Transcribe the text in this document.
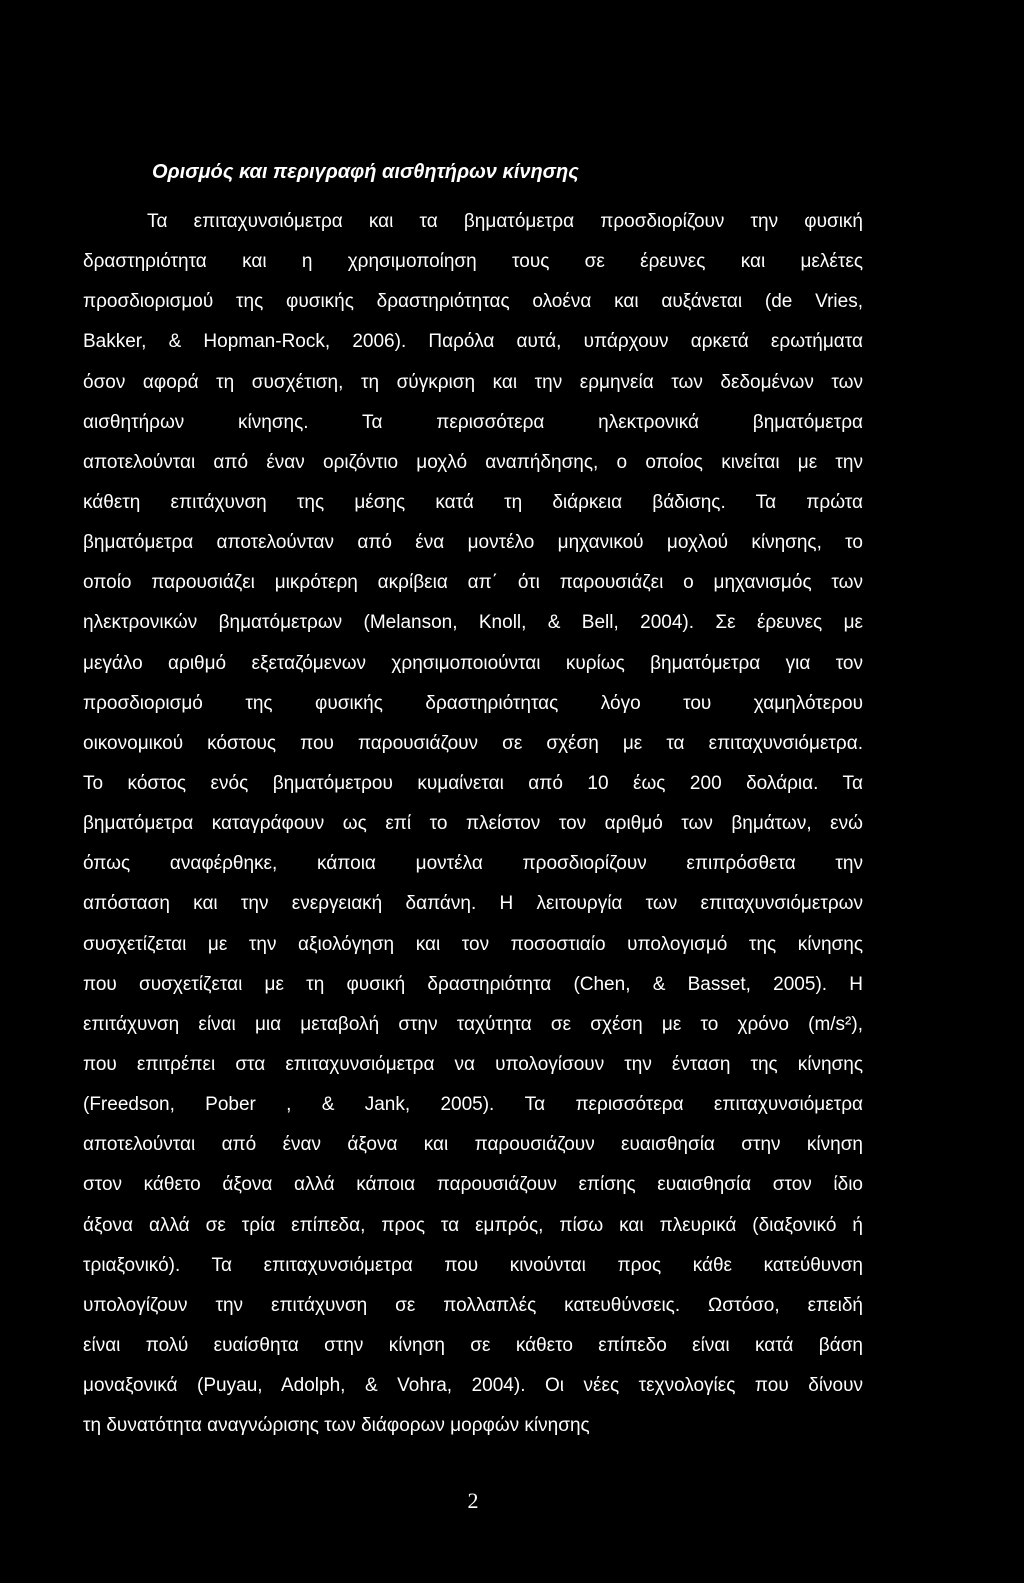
Ορισμός και περιγραφή αισθητήρων κίνησης
Τα επιταχυνσιόμετρα και τα βηματόμετρα προσδιορίζουν την φυσική
δραστηριότητα και η χρησιμοποίηση τους σε έρευνες και μελέτες
προσδιορισμού της φυσικής δραστηριότητας ολοένα και αυξάνεται (de Vries,
Bakker, & Hopman-Rock, 2006). Παρόλα αυτά, υπάρχουν αρκετά ερωτήματα
όσον αφορά τη συσχέτιση, τη σύγκριση και την ερμηνεία των δεδομένων των
αισθητήρων κίνησης. Τα περισσότερα ηλεκτρονικά βηματόμετρα
αποτελούνται από έναν οριζόντιο μοχλό αναπήδησης, ο οποίος κινείται με την
κάθετη επιτάχυνση της μέσης κατά τη διάρκεια βάδισης. Τα πρώτα
βηματόμετρα αποτελούνταν από ένα μοντέλο μηχανικού μοχλού κίνησης, το
οποίο παρουσιάζει μικρότερη ακρίβεια απ΄ ότι παρουσιάζει ο μηχανισμός των
ηλεκτρονικών βηματόμετρων (Melanson, Knoll, & Bell, 2004). Σε έρευνες με
μεγάλο αριθμό εξεταζόμενων χρησιμοποιούνται κυρίως βηματόμετρα για τον
προσδιορισμό της φυσικής δραστηριότητας λόγο του χαμηλότερου
οικονομικού κόστους που παρουσιάζουν σε σχέση με τα επιταχυνσιόμετρα.
Το κόστος ενός βηματόμετρου κυμαίνεται από 10 έως 200 δολάρια. Τα
βηματόμετρα καταγράφουν ως επί το πλείστον τον αριθμό των βημάτων, ενώ
όπως αναφέρθηκε, κάποια μοντέλα προσδιορίζουν επιπρόσθετα την
απόσταση και την ενεργειακή δαπάνη. Η λειτουργία των επιταχυνσιόμετρων
συσχετίζεται με την αξιολόγηση και τον ποσοστιαίο υπολογισμό της κίνησης
που συσχετίζεται με τη φυσική δραστηριότητα (Chen, & Basset, 2005). Η
επιτάχυνση είναι μια μεταβολή στην ταχύτητα σε σχέση με το χρόνο (m/s²),
που επιτρέπει στα επιταχυνσιόμετρα να υπολογίσουν την ένταση της κίνησης
(Freedson, Pober , & Jank, 2005). Τα περισσότερα επιταχυνσιόμετρα
αποτελούνται από έναν άξονα και παρουσιάζουν ευαισθησία στην κίνηση
στον κάθετο άξονα αλλά κάποια παρουσιάζουν επίσης ευαισθησία στον ίδιο
άξονα αλλά σε τρία επίπεδα, προς τα εμπρός, πίσω και πλευρικά (διαξονικό ή
τριαξονικό). Τα επιταχυνσιόμετρα που κινούνται προς κάθε κατεύθυνση
υπολογίζουν την επιτάχυνση σε πολλαπλές κατευθύνσεις. Ωστόσο, επειδή
είναι πολύ ευαίσθητα στην κίνηση σε κάθετο επίπεδο είναι κατά βάση
μοναξονικά (Puyau, Adolph, & Vohra, 2004). Οι νέες τεχνολογίες που δίνουν
τη δυνατότητα αναγνώρισης των διάφορων μορφών κίνησης
2
